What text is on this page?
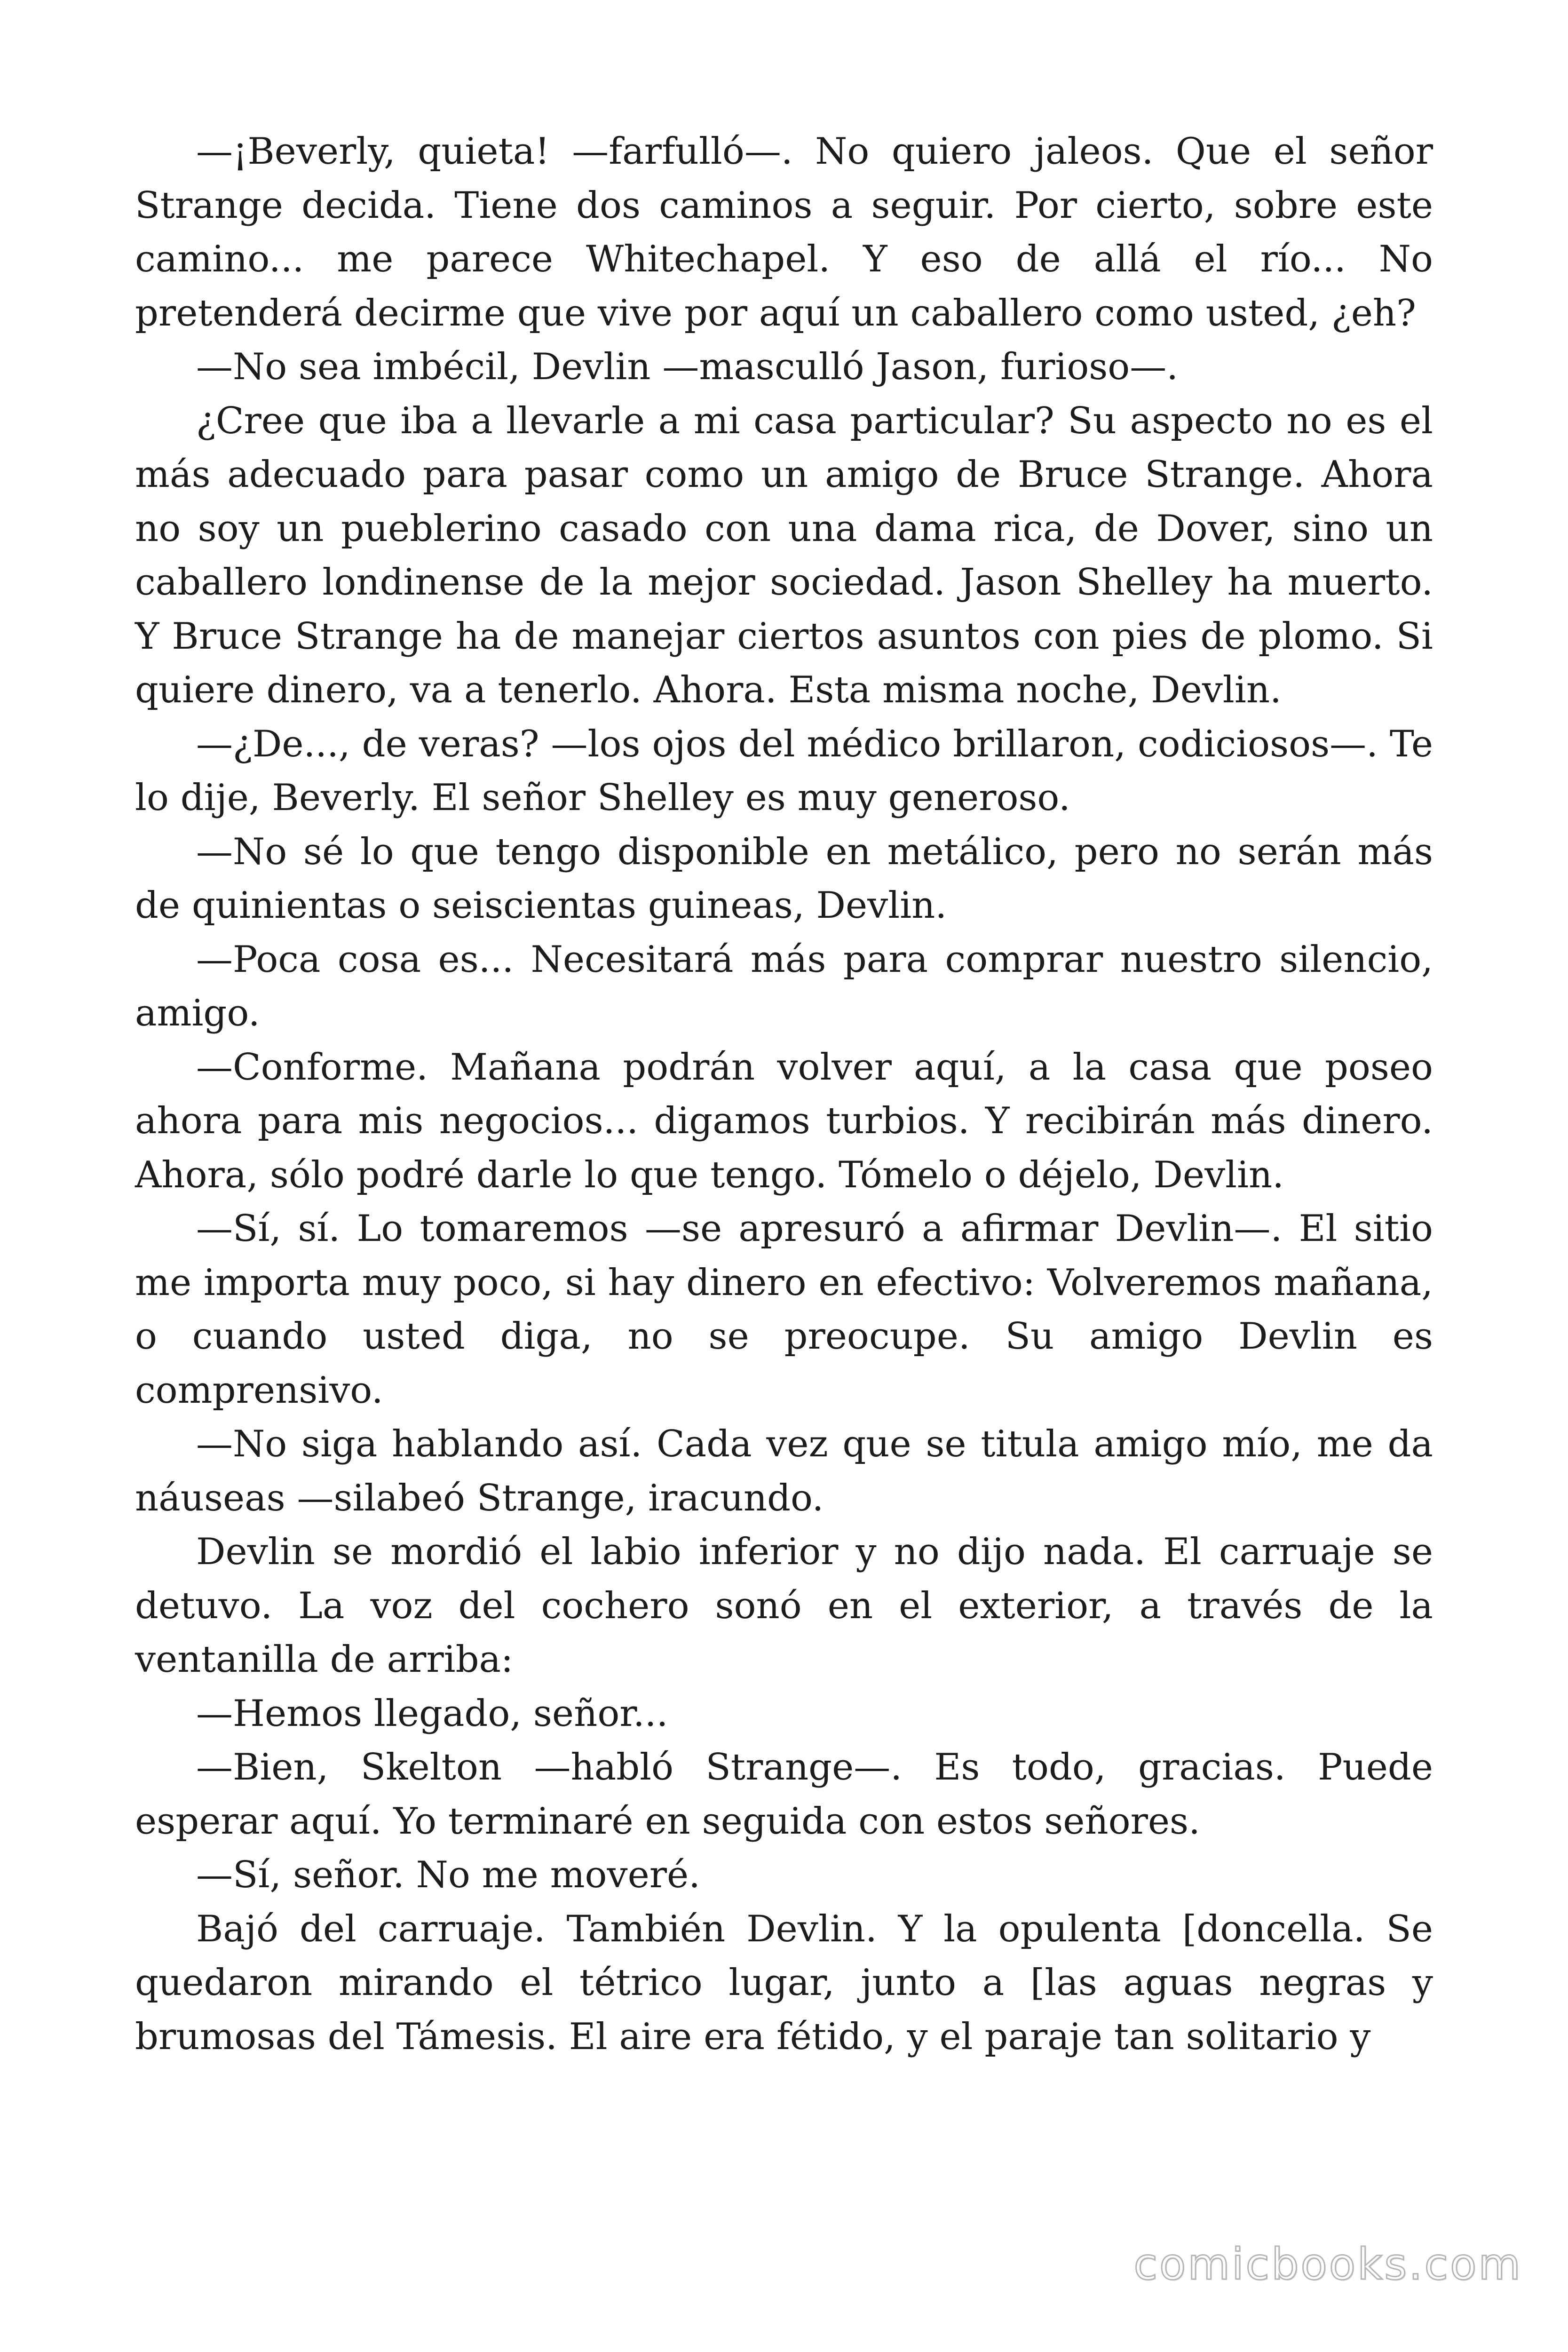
—¡Beverly, quieta! —farfulló—. No quiero jaleos. Que el señor Strange decida. Tiene dos caminos a seguir. Por cierto, sobre este camino... me parece Whitechapel. Y eso de allá el río... No pretenderá decirme que vive por aquí un caballero como usted, ¿eh?

—No sea imbécil, Devlin —masculló Jason, furioso—.

¿Cree que iba a llevarle a mi casa particular? Su aspecto no es el más adecuado para pasar como un amigo de Bruce Strange. Ahora no soy un pueblerino casado con una dama rica, de Dover, sino un caballero londinense de la mejor sociedad. Jason Shelley ha muerto. Y Bruce Strange ha de manejar ciertos asuntos con pies de plomo. Si quiere dinero, va a tenerlo. Ahora. Esta misma noche, Devlin.

—¿De..., de veras? —los ojos del médico brillaron, codiciosos—. Te lo dije, Beverly. El señor Shelley es muy generoso.

—No sé lo que tengo disponible en metálico, pero no serán más de quinientas o seiscientas guineas, Devlin.

—Poca cosa es... Necesitará más para comprar nuestro silencio, amigo.

—Conforme. Mañana podrán volver aquí, a la casa que poseo ahora para mis negocios... digamos turbios. Y recibirán más dinero. Ahora, sólo podré darle lo que tengo. Tómelo o déjelo, Devlin.

—Sí, sí. Lo tomaremos —se apresuró a afirmar Devlin—. El sitio me importa muy poco, si hay dinero en efectivo: Volveremos mañana, o cuando usted diga, no se preocupe. Su amigo Devlin es comprensivo.

—No siga hablando así. Cada vez que se titula amigo mío, me da náuseas —silabeó Strange, iracundo.

Devlin se mordió el labio inferior y no dijo nada. El carruaje se detuvo. La voz del cochero sonó en el exterior, a través de la ventanilla de arriba:

—Hemos llegado, señor...

—Bien, Skelton —habló Strange—. Es todo, gracias. Puede esperar aquí. Yo terminaré en seguida con estos señores.

—Sí, señor. No me moveré.

Bajó del carruaje. También Devlin. Y la opulenta [doncella. Se quedaron mirando el tétrico lugar, junto a [las aguas negras y brumosas del Támesis. El aire era fétido, y el paraje tan solitario y

comicbooks.com
